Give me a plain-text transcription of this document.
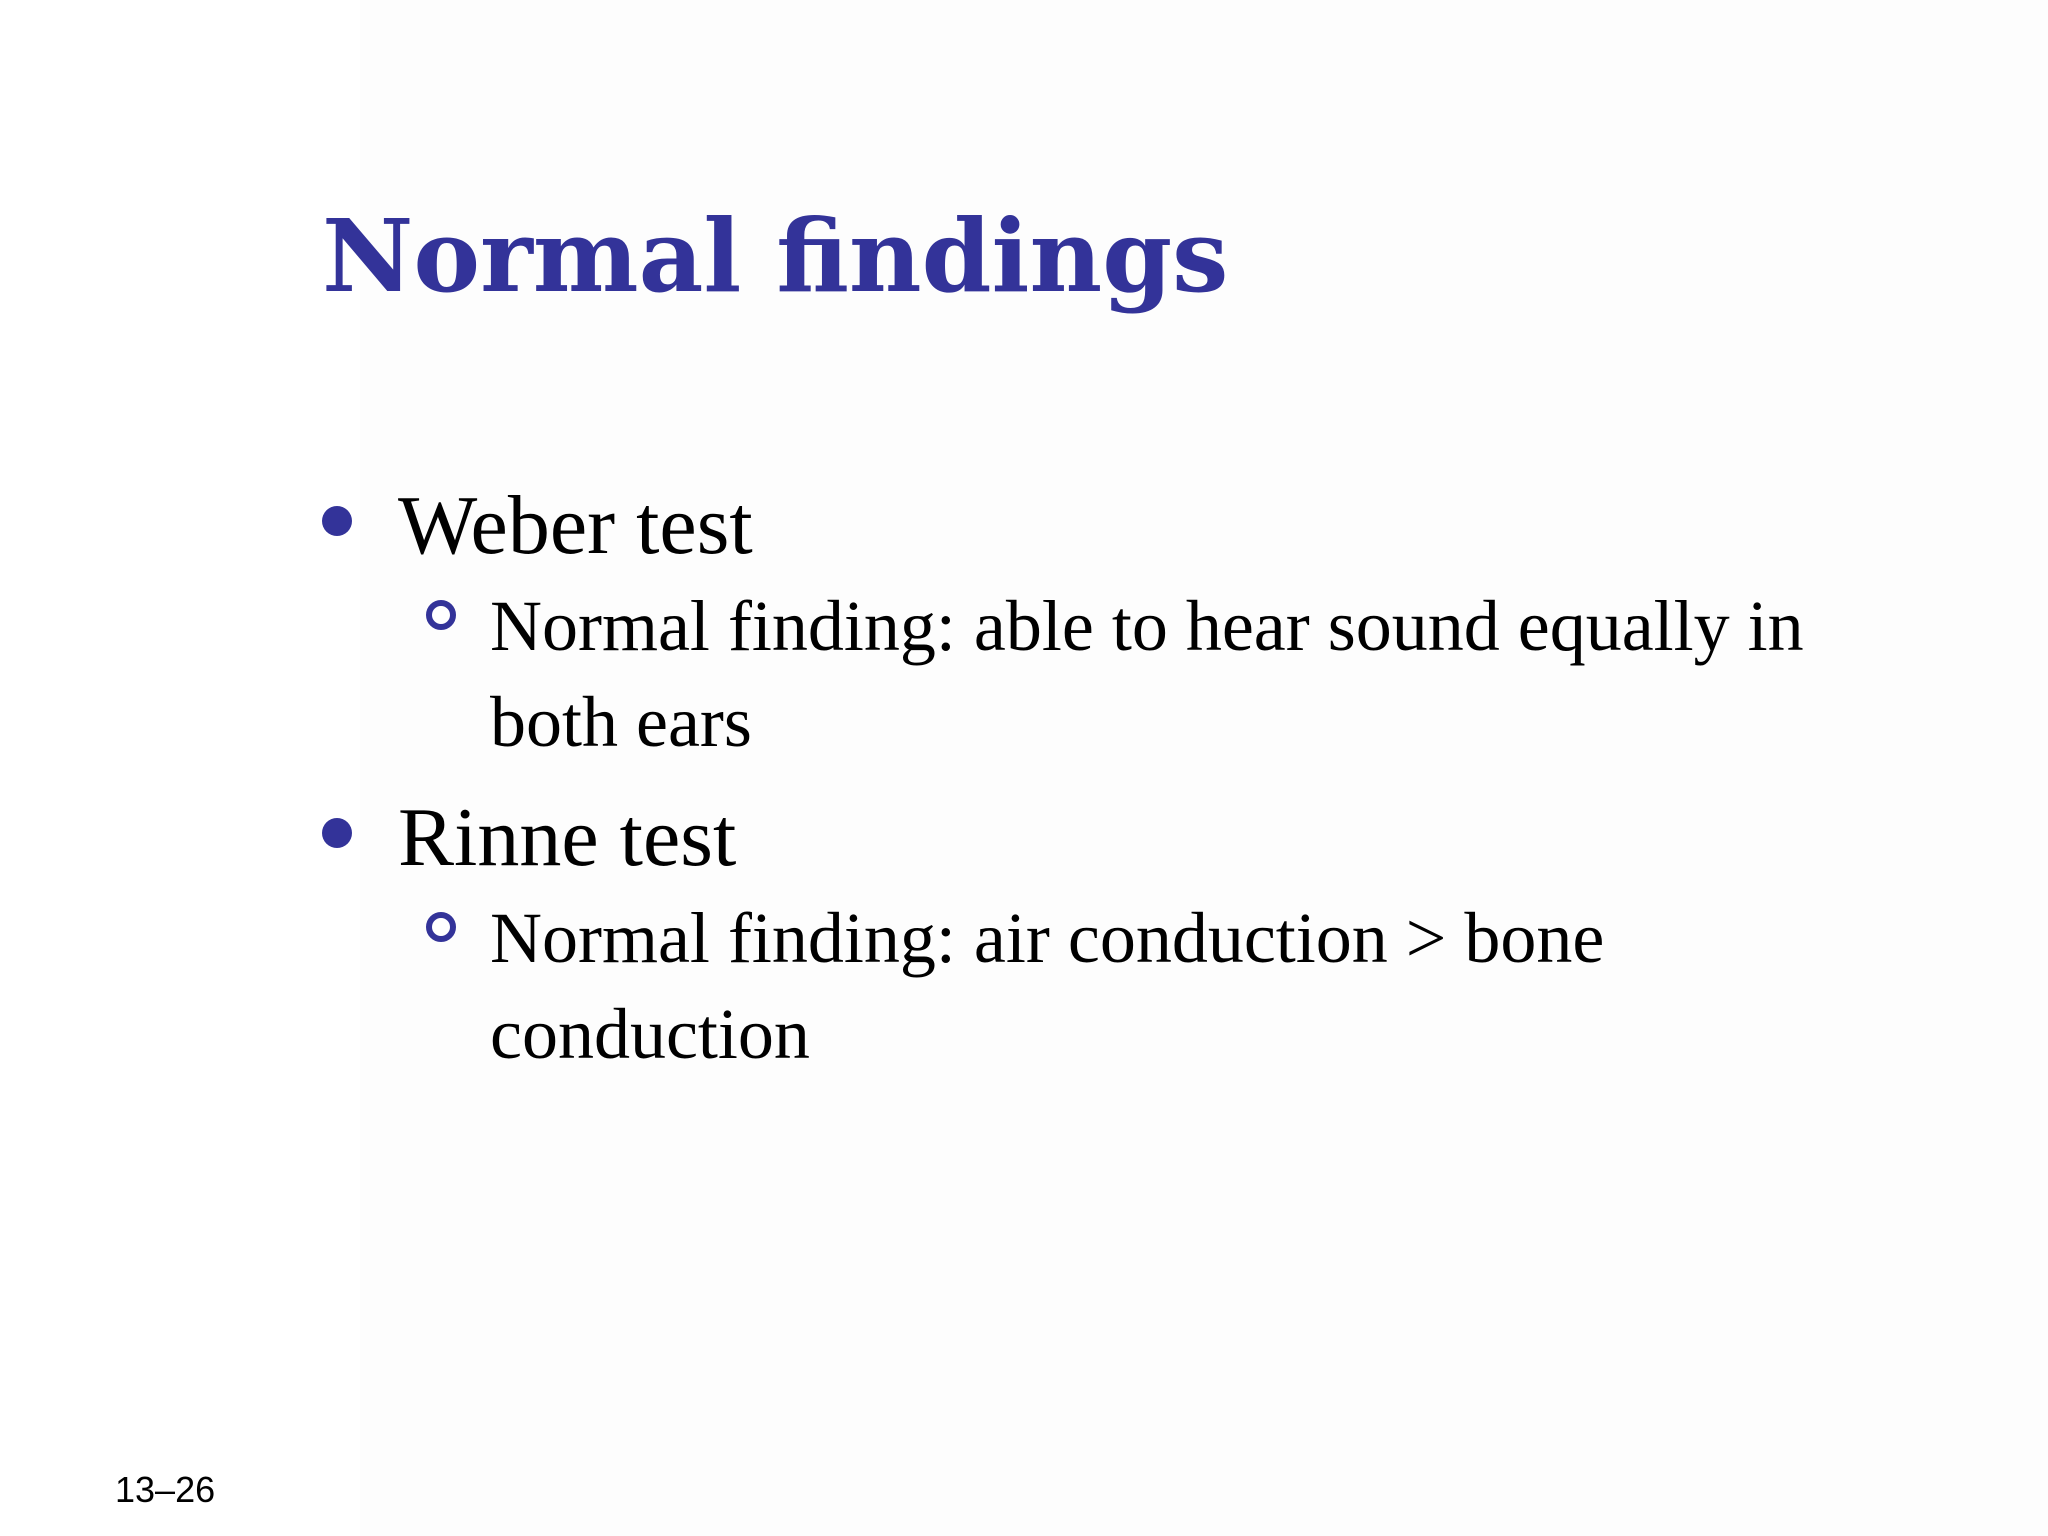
Normal findings
Weber test
Normal finding: able to hear sound equally in both ears
Rinne test
Normal finding: air conduction > bone conduction
13–26
